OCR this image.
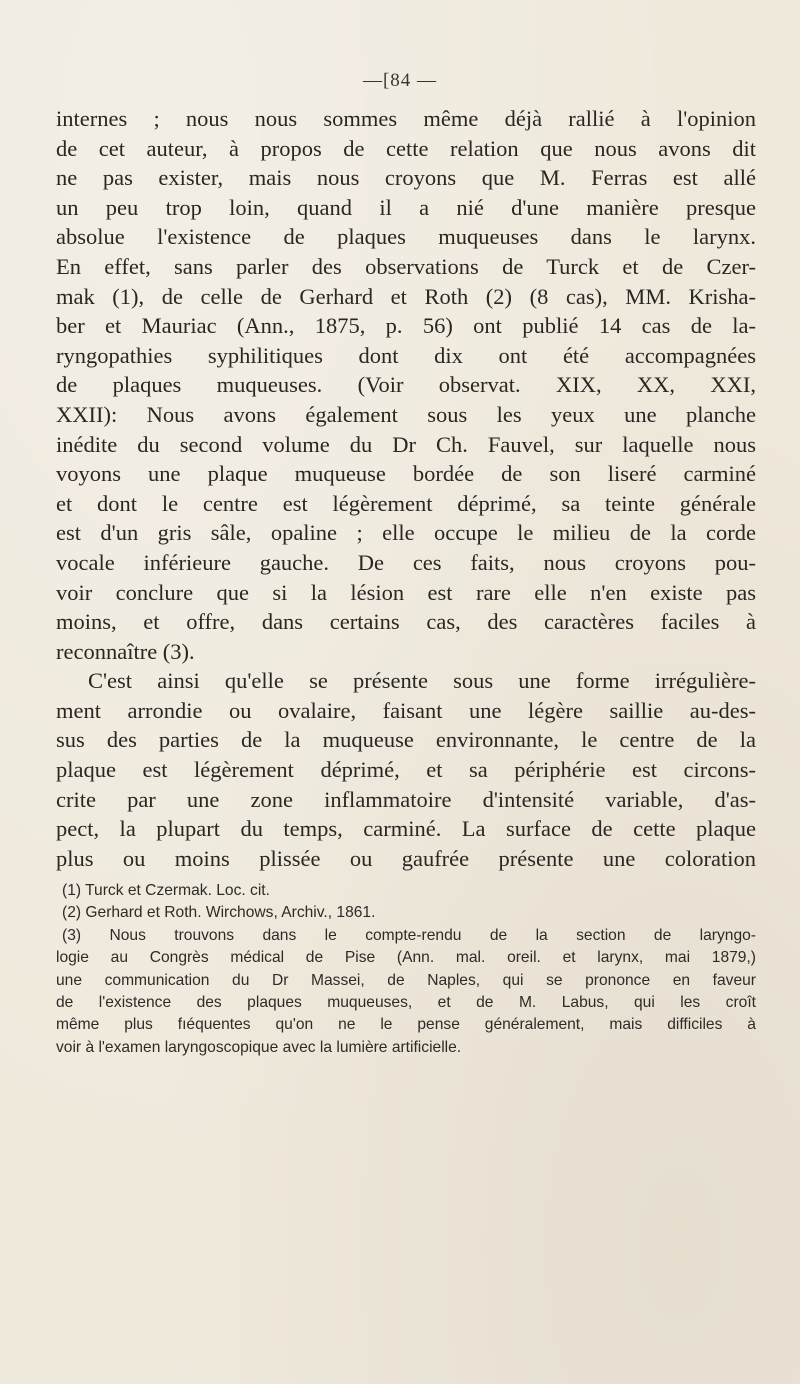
—[84 —
internes ; nous nous sommes même déjà rallié à l'opinion
de cet auteur, à propos de cette relation que nous avons dit
ne pas exister, mais nous croyons que M. Ferras est allé
un peu trop loin, quand il a nié d'une manière presque
absolue l'existence de plaques muqueuses dans le larynx.
En effet, sans parler des observations de Turck et de Czer-
mak (1), de celle de Gerhard et Roth (2) (8 cas), MM. Krisha-
ber et Mauriac (Ann., 1875, p. 56) ont publié 14 cas de la-
ryngopathies syphilitiques dont dix ont été accompagnées
de plaques muqueuses. (Voir observat. XIX, XX, XXI,
XXII): Nous avons également sous les yeux une planche
inédite du second volume du Dr Ch. Fauvel, sur laquelle nous
voyons une plaque muqueuse bordée de son liseré carminé
et dont le centre est légèrement déprimé, sa teinte générale
est d'un gris sâle, opaline ; elle occupe le milieu de la corde
vocale inférieure gauche. De ces faits, nous croyons pou-
voir conclure que si la lésion est rare elle n'en existe pas
moins, et offre, dans certains cas, des caractères faciles à
reconnaître (3).
C'est ainsi qu'elle se présente sous une forme irrégulière-
ment arrondie ou ovalaire, faisant une légère saillie au-des-
sus des parties de la muqueuse environnante, le centre de la
plaque est légèrement déprimé, et sa périphérie est circons-
crite par une zone inflammatoire d'intensité variable, d'as-
pect, la plupart du temps, carminé. La surface de cette plaque
plus ou moins plissée ou gaufrée présente une coloration
(1) Turck et Czermak. Loc. cit.
(2) Gerhard et Roth. Wirchows, Archiv., 1861.
(3) Nous trouvons dans le compte-rendu de la section de laryngo-
logie au Congrès médical de Pise (Ann. mal. oreil. et larynx, mai 1879,)
une communication du Dr Massei, de Naples, qui se prononce en faveur
de l'existence des plaques muqueuses, et de M. Labus, qui les croît
même plus fıéquentes qu'on ne le pense généralement, mais difficiles à
voir à l'examen laryngoscopique avec la lumière artificielle.
